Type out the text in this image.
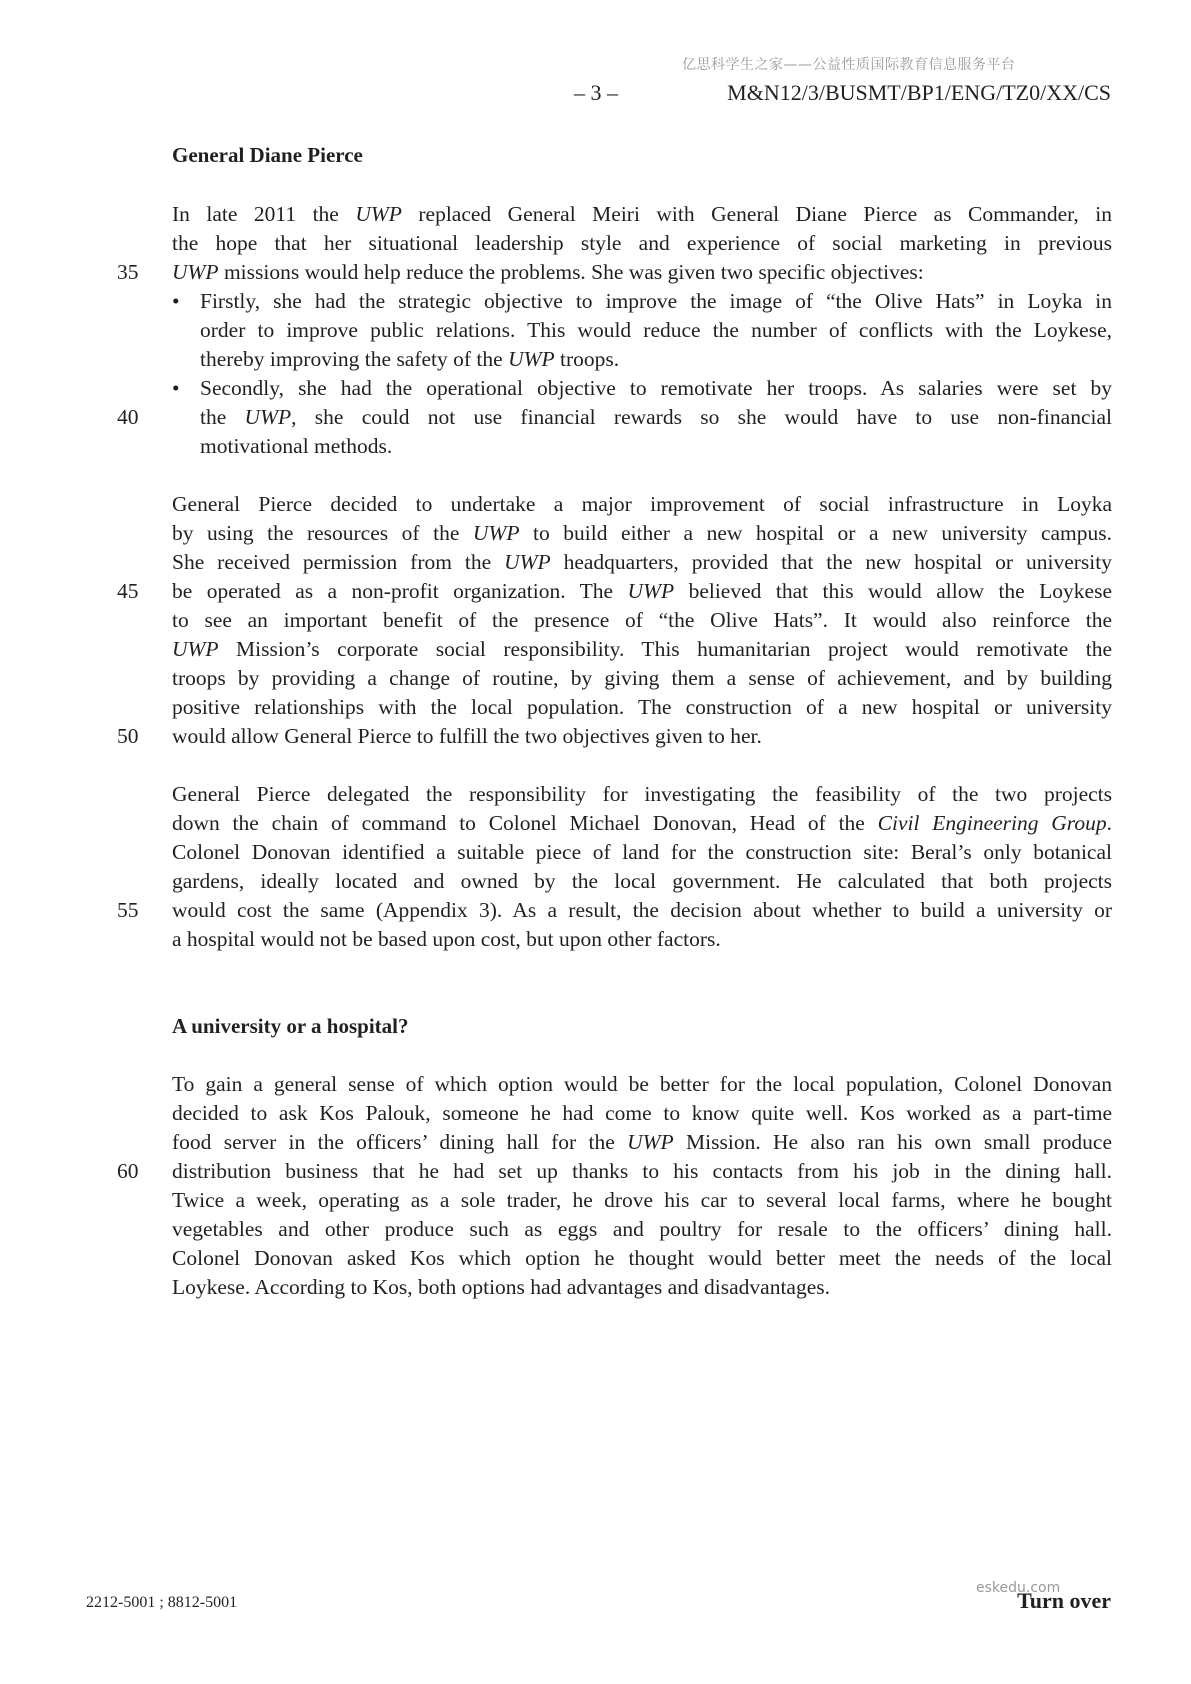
亿思科学生之家——公益性质国际教育信息服务平台
– 3 –	M&N12/3/BUSMT/BP1/ENG/TZ0/XX/CS
General Diane Pierce
In late 2011 the UWP replaced General Meiri with General Diane Pierce as Commander, in
the hope that her situational leadership style and experience of social marketing in previous
35	UWP missions would help reduce the problems. She was given two specific objectives:
• Firstly, she had the strategic objective to improve the image of “the Olive Hats” in Loyka in
order to improve public relations. This would reduce the number of conflicts with the Loykese,
thereby improving the safety of the UWP troops.
• Secondly, she had the operational objective to remotivate her troops. As salaries were set by
40	the UWP, she could not use financial rewards so she would have to use non-financial
motivational methods.
General Pierce decided to undertake a major improvement of social infrastructure in Loyka
by using the resources of the UWP to build either a new hospital or a new university campus.
She received permission from the UWP headquarters, provided that the new hospital or university
45	be operated as a non-profit organization. The UWP believed that this would allow the Loykese
to see an important benefit of the presence of “the Olive Hats”. It would also reinforce the
UWP Mission’s corporate social responsibility. This humanitarian project would remotivate the
troops by providing a change of routine, by giving them a sense of achievement, and by building
positive relationships with the local population. The construction of a new hospital or university
50	would allow General Pierce to fulfill the two objectives given to her.
General Pierce delegated the responsibility for investigating the feasibility of the two projects
down the chain of command to Colonel Michael Donovan, Head of the Civil Engineering Group.
Colonel Donovan identified a suitable piece of land for the construction site: Beral’s only botanical
gardens, ideally located and owned by the local government. He calculated that both projects
55	would cost the same (Appendix 3). As a result, the decision about whether to build a university or
a hospital would not be based upon cost, but upon other factors.
A university or a hospital?
To gain a general sense of which option would be better for the local population, Colonel Donovan
decided to ask Kos Palouk, someone he had come to know quite well. Kos worked as a part-time
food server in the officers’ dining hall for the UWP Mission. He also ran his own small produce
60	distribution business that he had set up thanks to his contacts from his job in the dining hall.
Twice a week, operating as a sole trader, he drove his car to several local farms, where he bought
vegetables and other produce such as eggs and poultry for resale to the officers’ dining hall.
Colonel Donovan asked Kos which option he thought would better meet the needs of the local
Loykese. According to Kos, both options had advantages and disadvantages.
2212-5001 ; 8812-5001
eskedu.com
Turn over
